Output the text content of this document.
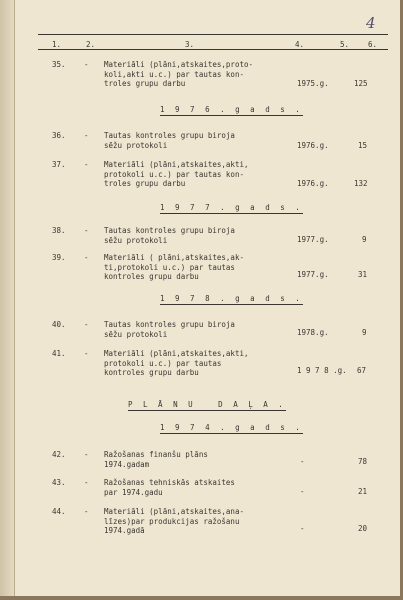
4
1.	2.	3.	4.	5.	6.
35. - Materiāli (plāni,atskaites,proto-
koli,akti u.c.) par tautas kon-
troles grupu darbu	1975.g.	125
1 9 7 6 . g a d s .
36. - Tautas kontroles grupu biroja
sēžu protokoli	1976.g.	15
37. - Materiāli (plāni,atskaites,akti,
protokoli u.c.) par tautas kon-
troles grupu darbu	1976.g.	132
1 9 7 7 . g a d s .
38. - Tautas kontroles grupu biroja
sēžu protokoli	1977.g.	9
39. - Materiāli ( plāni,atskaites,ak-
ti,protokoli u.c.) par tautas
kontroles grupu darbu	1977.g.	31
1 9 7 8 . g a d s .
40. - Tautas kontroles grupu biroja
sēžu protokoli	1978.g.	9
41. - Materiāli (plāni,atskaites,akti,
protokoli u.c.) par tautas
kontroles grupu darbu	1 9 7 8 .g. 67
P L Ā N U   D A Ļ A .
1 9 7 4 . g a d s .
42. - Ražošanas finanšu plāns
1974.gadam	-	78
43. - Ražošanas tehniskās atskaites
par 1974.gadu	-	21
44. - Materiāli (plāni,atskaites,ana-
līzes)par produkcijas ražošanu
1974.gadā	-	20
